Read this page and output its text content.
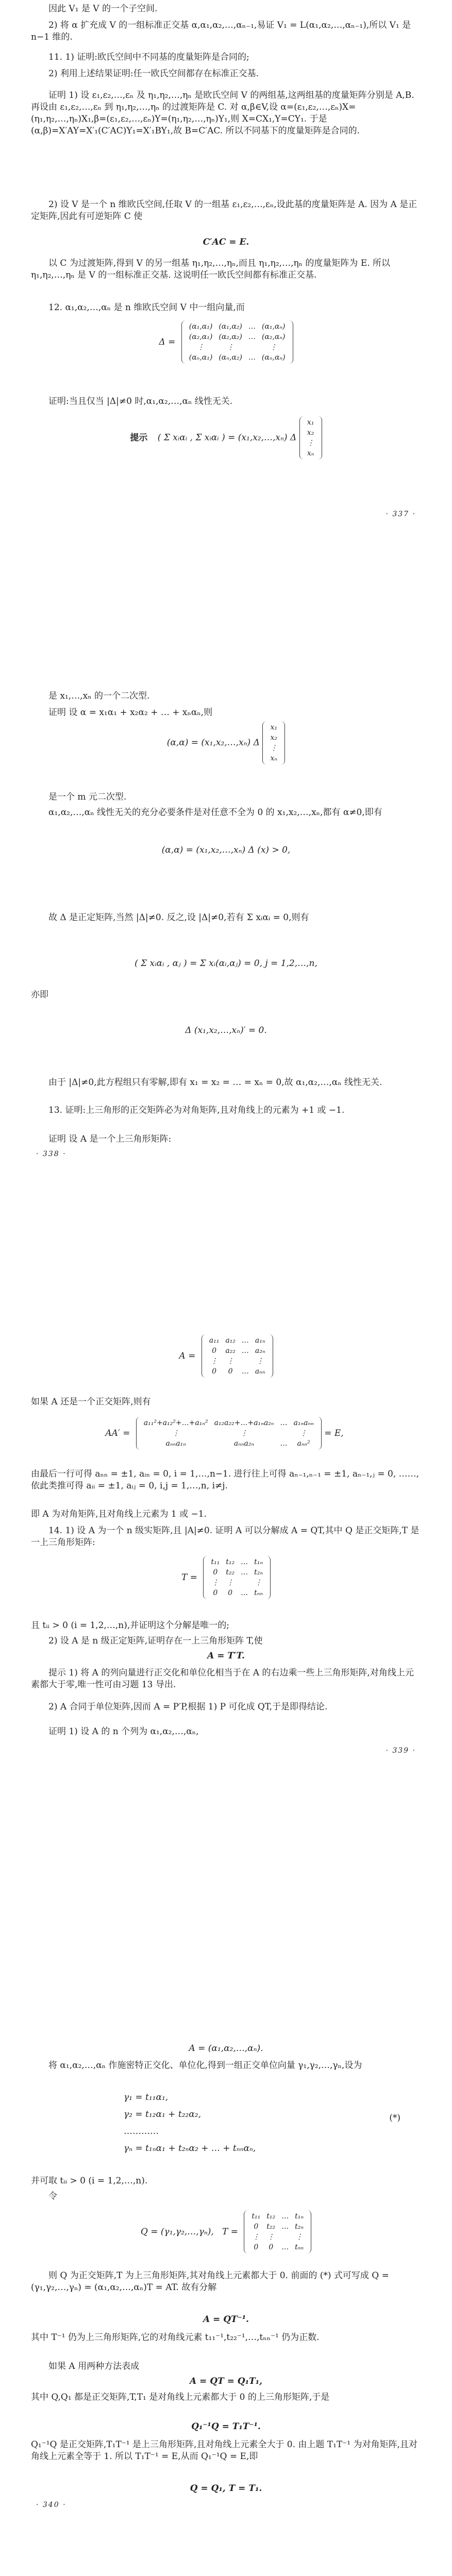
因此 V₁ 是 V 的一个子空间.

2) 将 α 扩充成 V 的一组标准正交基 α,α₁,α₂,…,αₙ₋₁,易证 V₁ = L(α₁,α₂,…,αₙ₋₁),所以 V₁ 是 n−1 维的.

11. 1) 证明:欧氏空间中不同基的度量矩阵是合同的;

2) 利用上述结果证明:任一欧氏空间都存在标准正交基.

证明 1) 设 ε₁,ε₂,…,εₙ 及 η₁,η₂,…,ηₙ 是欧氏空间 V 的两组基,这两组基的度量矩阵分别是 A,B. 再设由 ε₁,ε₂,…,εₙ 到 η₁,η₂,…,ηₙ 的过渡矩阵是 C. 对 α,β∈V,设 α=(ε₁,ε₂,…,εₙ)X=(η₁,η₂,…,ηₙ)X₁,β=(ε₁,ε₂,…,εₙ)Y=(η₁,η₂,…,ηₙ)Y₁,则 X=CX₁,Y=CY₁. 于是 (α,β)=X′AY=X′₁(C′AC)Y₁=X′₁BY₁,故 B=C′AC. 所以不同基下的度量矩阵是合同的.

2) 设 V 是一个 n 维欧氏空间,任取 V 的一组基 ε₁,ε₂,…,εₙ,设此基的度量矩阵是 A. 因为 A 是正定矩阵,因此有可逆矩阵 C 使

C′AC = E.

以 C 为过渡矩阵,得到 V 的另一组基 η₁,η₂,…,ηₙ,而且 η₁,η₂,…,ηₙ 的度量矩阵为 E. 所以 η₁,η₂,…,ηₙ 是 V 的一组标准正交基. 这说明任一欧氏空间都有标准正交基.

12. α₁,α₂,…,αₙ 是 n 维欧氏空间 V 中一组向量,而

Δ =
(α₁,α₁)	(α₁,α₂)	…	(α₁,αₙ)
(α₂,α₁)	(α₂,α₂)	…	(α₂,αₙ)
⋮	⋮		⋮
(αₙ,α₁)	(αₙ,α₂)	…	(αₙ,αₙ)

证明:当且仅当 |Δ|≠0 时,α₁,α₂,…,αₙ 线性无关.

提示 ( Σ xᵢαᵢ , Σ xᵢαᵢ ) = (x₁,x₂,…,xₙ) Δ
x₁
x₂
⋮
xₙ
· 337 ·

是 x₁,…,xₙ 的一个二次型.

证明 设 α = x₁α₁ + x₂α₂ + … + xₙαₙ,则

(α,α) = (x₁,x₂,…,xₙ) Δ
x₁
x₂
⋮
xₙ

是一个 m 元二次型.

α₁,α₂,…,αₙ 线性无关的充分必要条件是对任意不全为 0 的 x₁,x₂,…,xₙ,都有 α≠0,即有

(α,α) = (x₁,x₂,…,xₙ) Δ (x) > 0,

故 Δ 是正定矩阵,当然 |Δ|≠0. 反之,设 |Δ|≠0,若有 Σ xᵢαᵢ = 0,则有

( Σ xᵢαᵢ , αⱼ ) = Σ xᵢ(αᵢ,αⱼ) = 0, j = 1,2,…,n,

亦即

Δ (x₁,x₂,…,xₙ)′ = 0.

由于 |Δ|≠0,此方程组只有零解,即有 x₁ = x₂ = … = xₙ = 0,故 α₁,α₂,…,αₙ 线性无关.

13. 证明:上三角形的正交矩阵必为对角矩阵,且对角线上的元素为 +1 或 −1.

证明 设 A 是一个上三角形矩阵:

· 338 ·
A =
a₁₁	a₁₂	…	a₁ₙ
0	a₂₂	…	a₂ₙ
⋮	⋮		⋮
0	0	…	aₙₙ

如果 A 还是一个正交矩阵,则有

AA′ =
a₁₁²+a₁₂²+…+a₁ₙ²	a₁₂a₂₂+…+a₁ₙa₂ₙ	…	a₁ₙaₙₙ
⋮	⋮		⋮
aₙₙa₁ₙ	aₙₙa₂ₙ	…	aₙₙ²
= E,

由最后一行可得 aₙₙ = ±1, aᵢₙ = 0, i = 1,…,n−1. 进行往上可得 aₙ₋₁,ₙ₋₁ = ±1, aₙ₋₁,ⱼ = 0, ……,依此类推可得 aᵢᵢ = ±1, aᵢⱼ = 0, i,j = 1,…,n, i≠j.

即 A 为对角矩阵,且对角线上元素为 1 或 −1.

14. 1) 设 A 为一个 n 级实矩阵,且 |A|≠0. 证明 A 可以分解成 A = QT,其中 Q 是正交矩阵,T 是一上三角形矩阵:

T =
t₁₁	t₁₂	…	t₁ₙ
0	t₂₂	…	t₂ₙ
⋮	⋮		⋮
0	0	…	tₙₙ

且 tᵢᵢ > 0 (i = 1,2,…,n),并证明这个分解是唯一的;

2) 设 A 是 n 级正定矩阵,证明存在一上三角形矩阵 T,使

A = T′T.

提示 1) 将 A 的列向量进行正交化和单位化相当于在 A 的右边乘一些上三角形矩阵,对角线上元素都大于零,唯一性可由习题 13 导出.

2) A 合同于单位矩阵,因而 A = P′P,根据 1) P 可化成 QT,于是即得结论.

证明 1) 设 A 的 n 个列为 α₁,α₂,…,αₙ,

· 339 ·
A = (α₁,α₂,…,αₙ).

将 α₁,α₂,…,αₙ 作施密特正交化、单位化,得到一组正交单位向量 γ₁,γ₂,…,γₙ,设为

γ₁ = t₁₁α₁,
γ₂ = t₁₂α₁ + t₂₂α₂,
…………
γₙ = t₁ₙα₁ + t₂ₙα₂ + … + tₙₙαₙ,
(*)

并可取 tᵢᵢ > 0 (i = 1,2,…,n).

令

Q = (γ₁,γ₂,…,γₙ),   T =
t₁₁	t₁₂	…	t₁ₙ
0	t₂₂	…	t₂ₙ
⋮	⋮		⋮
0	0	…	tₙₙ

则 Q 为正交矩阵,T 为上三角形矩阵,其对角线上元素都大于 0. 前面的 (*) 式可写成 Q = (γ₁,γ₂,…,γₙ) = (α₁,α₂,…,αₙ)T = AT. 故有分解

A = QT⁻¹.

其中 T⁻¹ 仍为上三角形矩阵,它的对角线元素 t₁₁⁻¹,t₂₂⁻¹,…,tₙₙ⁻¹ 仍为正数.

如果 A 用两种方法表成

A = QT = Q₁T₁,

其中 Q,Q₁ 都是正交矩阵,T,T₁ 是对角线上元素都大于 0 的上三角形矩阵,于是

Q₁⁻¹Q = T₁T⁻¹.

Q₁⁻¹Q 是正交矩阵,T₁T⁻¹ 是上三角形矩阵,且对角线上元素全大于 0. 由上题 T₁T⁻¹ 为对角矩阵,且对角线上元素全等于 1. 所以 T₁T⁻¹ = E,从而 Q₁⁻¹Q = E,即

Q = Q₁, T = T₁.
· 340 ·
